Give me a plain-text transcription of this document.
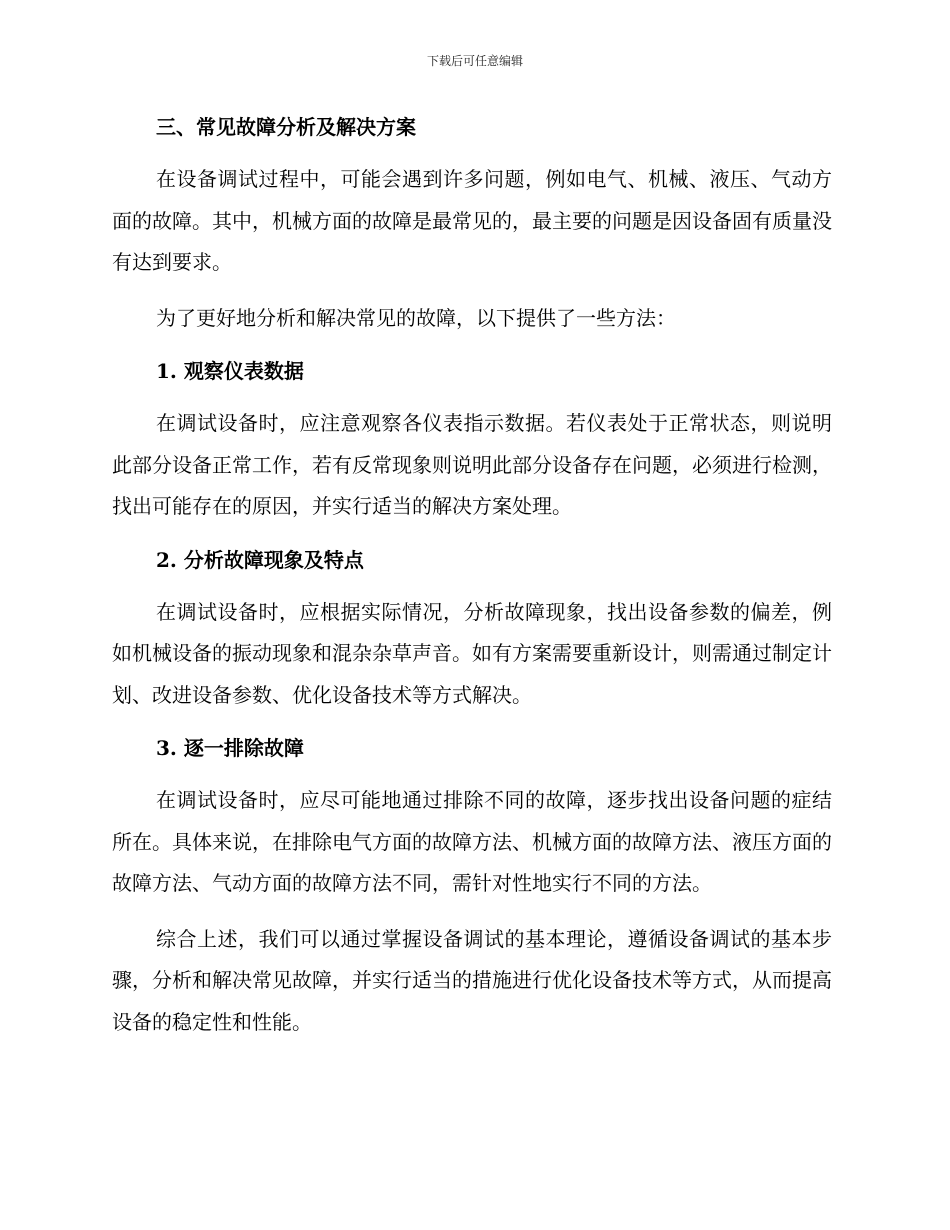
下载后可任意编辑
三、常见故障分析及解决方案

在设备调试过程中，可能会遇到许多问题，例如电气、机械、液压、气动方面的故障。其中，机械方面的故障是最常见的，最主要的问题是因设备固有质量没有达到要求。

为了更好地分析和解决常见的故障，以下提供了一些方法：

1. 观察仪表数据

在调试设备时，应注意观察各仪表指示数据。若仪表处于正常状态，则说明此部分设备正常工作，若有反常现象则说明此部分设备存在问题，必须进行检测，找出可能存在的原因，并实行适当的解决方案处理。

2. 分析故障现象及特点

在调试设备时，应根据实际情况，分析故障现象，找出设备参数的偏差，例如机械设备的振动现象和混杂杂草声音。如有方案需要重新设计，则需通过制定计划、改进设备参数、优化设备技术等方式解决。

3. 逐一排除故障

在调试设备时，应尽可能地通过排除不同的故障，逐步找出设备问题的症结所在。具体来说，在排除电气方面的故障方法、机械方面的故障方法、液压方面的故障方法、气动方面的故障方法不同，需针对性地实行不同的方法。

综合上述，我们可以通过掌握设备调试的基本理论，遵循设备调试的基本步骤，分析和解决常见故障，并实行适当的措施进行优化设备技术等方式，从而提高设备的稳定性和性能。
